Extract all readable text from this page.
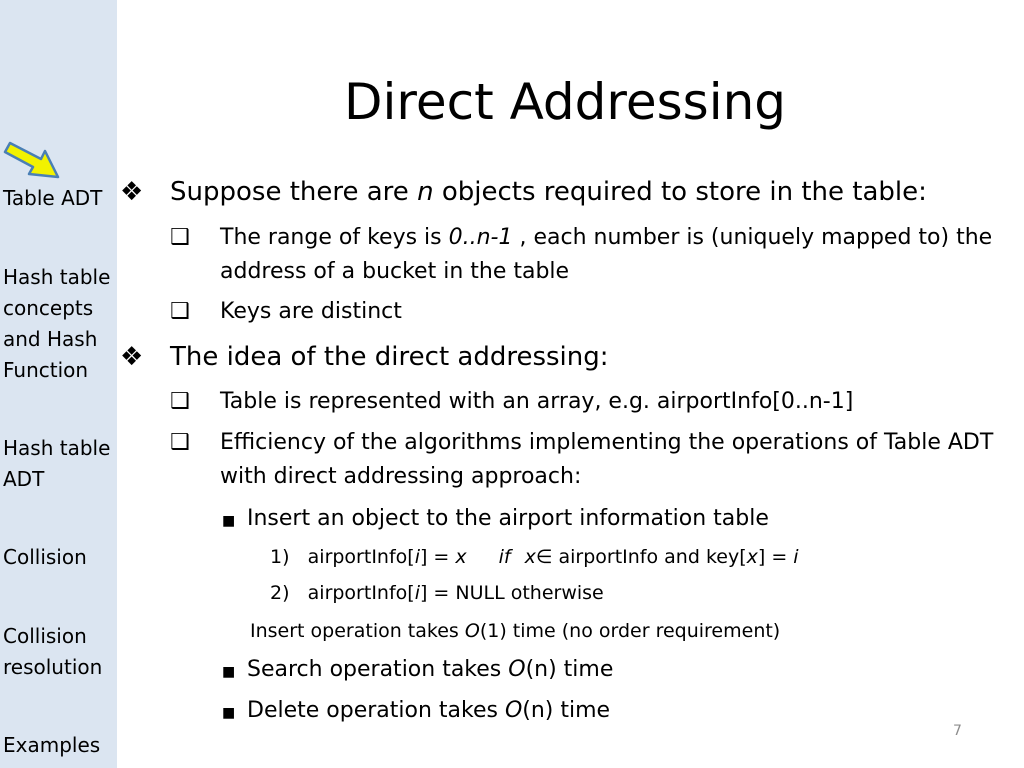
Table ADT
Hash table
concepts
and Hash
Function
Hash table
ADT
Collision
Collision
resolution
Examples
Direct Addressing
❖ Suppose there are n objects required to store in the table:
❑ The range of keys is 0..n-1 , each number is (uniquely mapped to) the address of a bucket in the table
❑ Keys are distinct
❖ The idea of the direct addressing:
❑ Table is represented with an array, e.g. airportInfo[0..n-1]
❑ Efficiency of the algorithms implementing the operations of Table ADT with direct addressing approach:
■ Insert an object to the airport information table
1) airportInfo[i] = x if x∈ airportInfo and key[x] = i
2) airportInfo[i] = NULL otherwise
Insert operation takes O(1) time (no order requirement)
■ Search operation takes O(n) time
■ Delete operation takes O(n) time
7
